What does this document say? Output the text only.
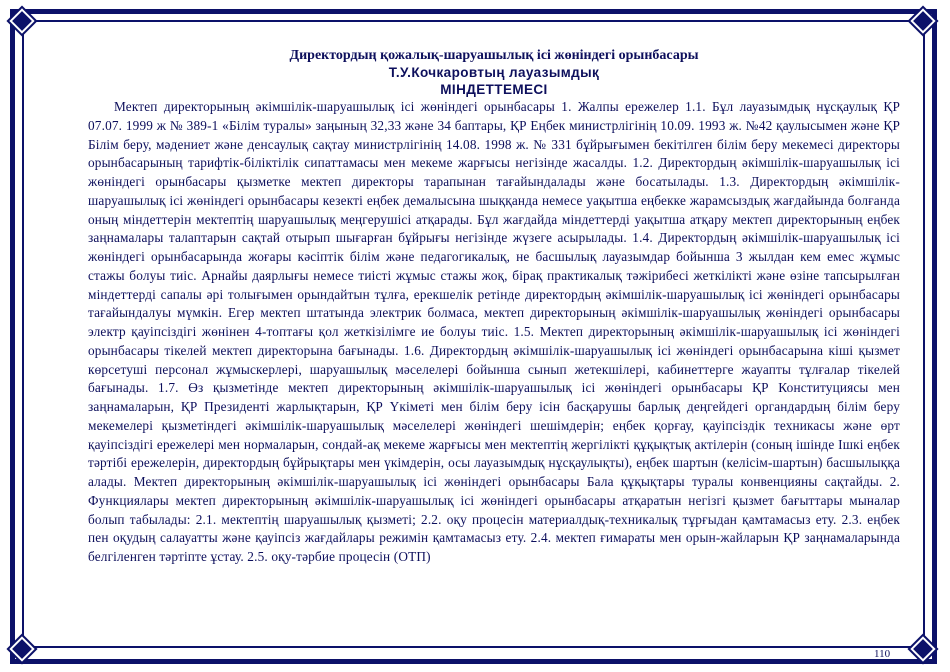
Директордың қожалық-шаруашылық ісі жөніндегі орынбасары

Т.У.Кочкаровтың лауазымдық

МІНДЕТТЕМЕСІ

Мектеп директорының әкімшілік-шаруашылық ісі жөніндегі орынбасары 1. Жалпы ережелер 1.1. Бұл лауазымдық нұсқаулық ҚР 07.07. 1999 ж № 389-1 «Білім туралы» заңының 32,33 және 34 баптары, ҚР Еңбек министрлігінің 10.09. 1993 ж. №42 қаулысымен және ҚР Білім беру, мәдениет және денсаулық сақтау министрлігінің 14.08. 1998 ж. № 331 бұйрығымен бекітілген білім беру мекемесі директоры орынбасарының тарифтік-біліктілік сипаттамасы мен мекеме жарғысы негізінде жасалды. 1.2. Директордың әкімшілік-шаруашылық ісі жөніндегі орынбасары қызметке мектеп директоры тарапынан тағайындалады және босатылады. 1.3. Директордың әкімшілік-шаруашылық ісі жөніндегі орынбасары кезекті еңбек демалысына шыққанда немесе уақытша еңбекке жарамсыздық жағдайында болғанда оның міндеттерін мектептің шаруашылық меңгерушісі атқарады. Бұл жағдайда міндеттерді уақытша атқару мектеп директорының еңбек заңнамалары талаптарын сақтай отырып шығарған бұйрығы негізінде жүзеге асырылады. 1.4. Директордың әкімшілік-шаруашылық ісі жөніндегі орынбасарында жоғары кәсіптік білім және педагогикалық, не басшылық лауазымдар бойынша 3 жылдан кем емес жұмыс стажы болуы тиіс. Арнайы даярлығы немесе тиісті жұмыс стажы жоқ, бірақ практикалық тәжірибесі жеткілікті және өзіне тапсырылған міндеттерді сапалы әрі толығымен орындайтын тұлға, ерекшелік ретінде директордың әкімшілік-шаруашылық ісі жөніндегі орынбасары тағайындалуы мүмкін. Егер мектеп штатында электрик болмаса, мектеп директорының әкімшілік-шаруашылық жөніндегі орынбасары электр қауіпсіздігі жөнінен 4-топтағы қол жеткізілімге ие болуы тиіс. 1.5. Мектеп директорының әкімшілік-шаруашылық ісі жөніндегі орынбасары тікелей мектеп директорына бағынады. 1.6. Директордың әкімшілік-шаруашылық ісі жөніндегі орынбасарына кіші қызмет көрсетуші персонал жұмыскерлері, шаруашылық мәселелері бойынша сынып жетекшілері, кабинеттерге жауапты тұлғалар тікелей бағынады. 1.7. Өз қызметінде мектеп директорының әкімшілік-шаруашылық ісі жөніндегі орынбасары ҚР Конституциясы мен заңнамаларын, ҚР Президенті жарлықтарын, ҚР Үкіметі мен білім беру ісін басқарушы барлық деңгейдегі органдардың білім беру мекемелері қызметіндегі әкімшілік-шаруашылық мәселелері жөніндегі шешімдерін; еңбек қорғау, қауіпсіздік техникасы және өрт қауіпсіздігі ережелері мен нормаларын, сондай-ақ мекеме жарғысы мен мектептің жергілікті құқықтық актілерін (соның ішінде Ішкі еңбек тәртібі ережелерін, директордың бұйрықтары мен үкімдерін, осы лауазымдық нұсқаулықты), еңбек шартын (келісім-шартын) басшылыққа алады. Мектеп директорының әкімшілік-шаруашылық ісі жөніндегі орынбасары Бала құқықтары туралы конвенцияны сақтайды. 2. Функциялары мектеп директорының әкімшілік-шаруашылық ісі жөніндегі орынбасары атқаратын негізгі қызмет бағыттары мыналар болып табылады: 2.1. мектептің шаруашылық қызметі; 2.2. оқу процесін материалдық-техникалық тұрғыдан қамтамасыз ету. 2.3. еңбек пен оқудың салауатты және қауіпсіз жағдайлары режимін қамтамасыз ету. 2.4. мектеп ғимараты мен орын-жайларын ҚР заңнамаларында белгіленген тәртіпте ұстау. 2.5. оқу-тәрбие процесін (ОТП)

110
